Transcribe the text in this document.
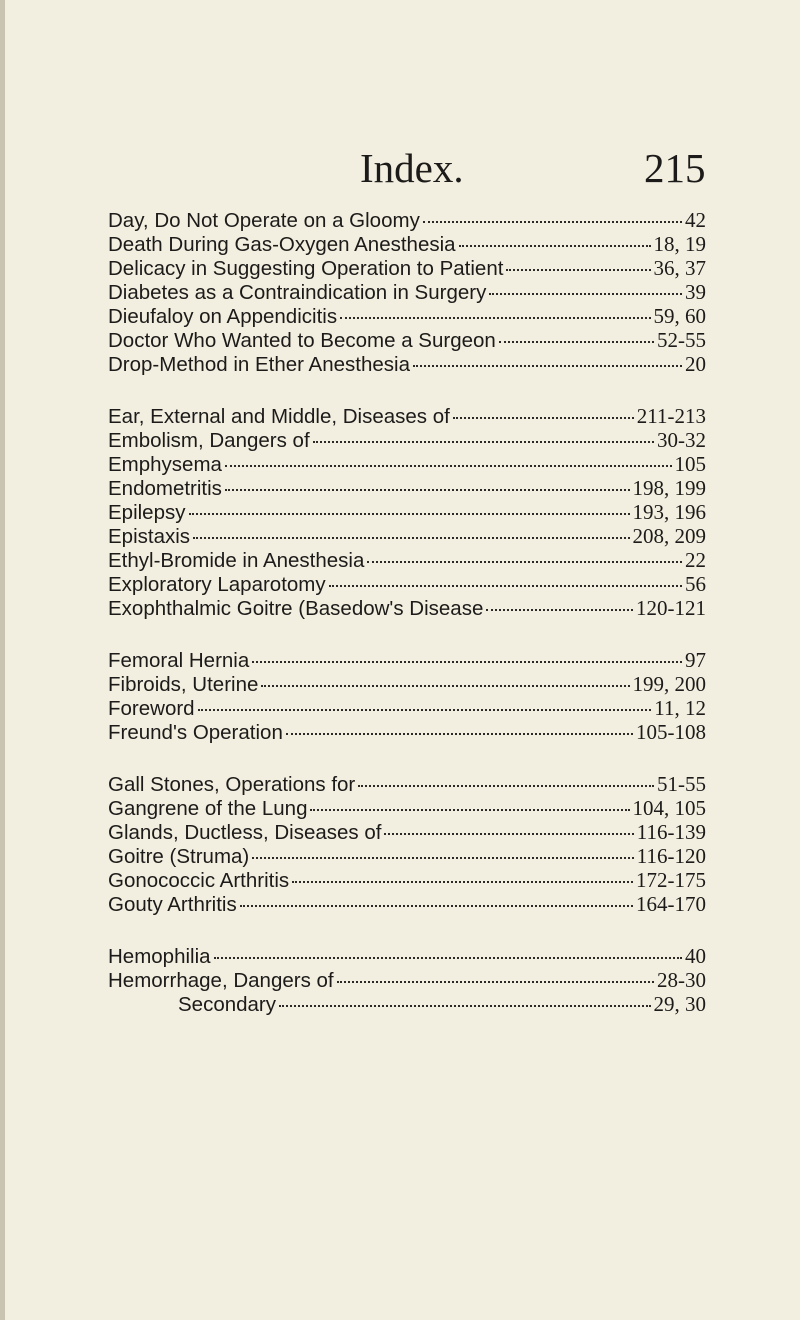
Index.	215
Day, Do Not Operate on a Gloomy	42
Death During Gas-Oxygen Anesthesia	18, 19
Delicacy in Suggesting Operation to Patient	36, 37
Diabetes as a Contraindication in Surgery	39
Dieufaloy on Appendicitis	59, 60
Doctor Who Wanted to Become a Surgeon	52-55
Drop-Method in Ether Anesthesia	20
Ear, External and Middle, Diseases of	211-213
Embolism, Dangers of	30-32
Emphysema	105
Endometritis	198, 199
Epilepsy	193, 196
Epistaxis	208, 209
Ethyl-Bromide in Anesthesia	22
Exploratory Laparotomy	56
Exophthalmic Goitre (Basedow's Disease	120-121
Femoral Hernia	97
Fibroids, Uterine	199, 200
Foreword	11, 12
Freund's Operation	105-108
Gall Stones, Operations for	51-55
Gangrene of the Lung	104, 105
Glands, Ductless, Diseases of	116-139
Goitre (Struma)	116-120
Gonococcic Arthritis	172-175
Gouty Arthritis	164-170
Hemophilia	40
Hemorrhage, Dangers of	28-30
Secondary	29, 30
